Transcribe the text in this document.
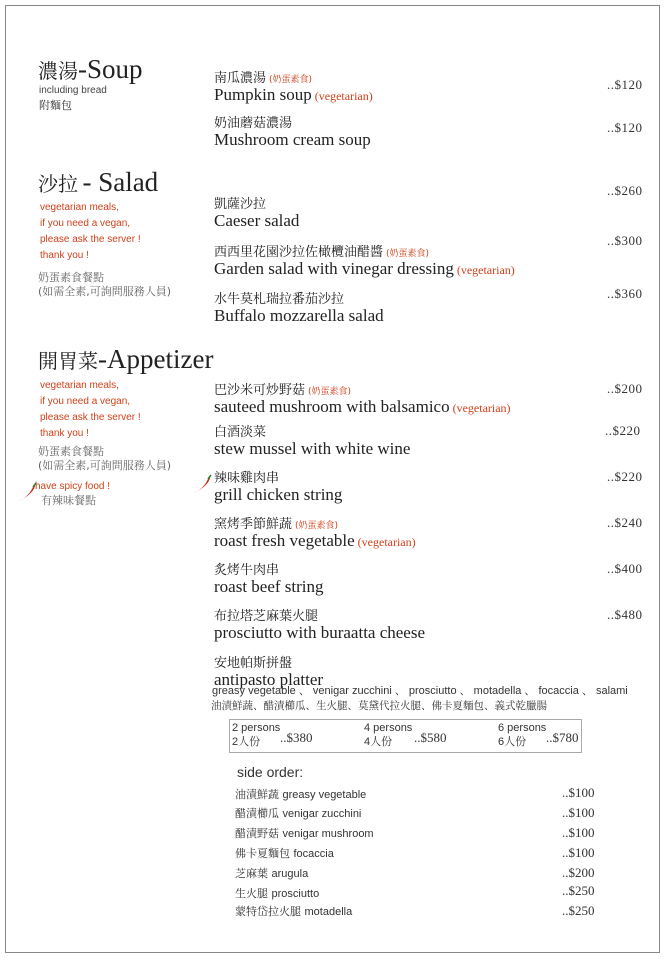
濃湯-Soup
including bread
附麵包
南瓜濃湯 (奶蛋素食)
Pumpkin soup (vegetarian)
..$120
奶油蘑菇濃湯
Mushroom cream soup
..$120
沙拉 - Salad
vegetarian meals,
if you need a vegan,
please ask the server !
thank you !
奶蛋素食餐點
(如需全素,可詢問服務人員)
凱薩沙拉
Caeser salad
..$260
西西里花園沙拉佐橄欖油醋醬 (奶蛋素食)
Garden salad with vinegar dressing (vegetarian)
..$300
水牛莫札瑞拉番茄沙拉
Buffalo mozzarella salad
..$360
開胃菜-Appetizer
vegetarian meals,
if you need a vegan,
please ask the server !
thank you !
奶蛋素食餐點
(如需全素,可詢問服務人員)
have spicy food !
有辣味餐點
巴沙米可炒野菇 (奶蛋素食)
sauteed mushroom with balsamico (vegetarian)
..$200
白酒淡菜
stew mussel with white wine
..$220
辣味雞肉串
grill chicken string
..$220
窯烤季節鮮蔬 (奶蛋素食)
roast fresh vegetable (vegetarian)
..$240
炙烤牛肉串
roast beef string
..$400
布拉塔芝麻葉火腿
prosciutto with buraatta cheese
..$480
安地帕斯拼盤
antipasto platter
greasy vegetable 、 venigar zucchini 、 prosciutto 、 motadella 、 focaccia 、 salami
油漬鮮蔬、醋漬櫛瓜、生火腿、莫黛代拉火腿、佛卡夏麵包、義式乾臘腸
2 persons
2人份	..$380
4 persons
4人份	..$580
6 persons
6人份	..$780
side order:
油漬鮮蔬 greasy vegetable	..$100
醋漬櫛瓜 venigar zucchini	..$100
醋漬野菇 venigar mushroom	..$100
佛卡夏麵包 focaccia	..$100
芝麻葉 arugula	..$200
生火腿 prosciutto	..$250
蒙特岱拉火腿 motadella	..$250
